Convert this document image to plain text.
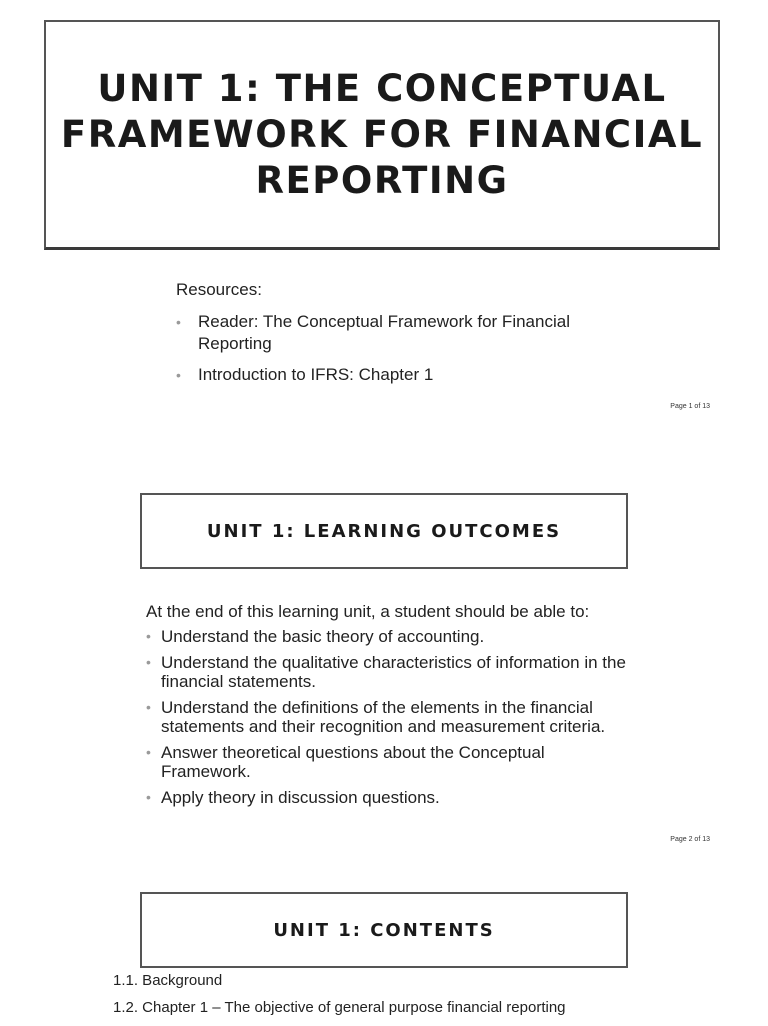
UNIT 1: THE CONCEPTUAL FRAMEWORK FOR FINANCIAL REPORTING

Resources:

• Reader: The Conceptual Framework for Financial Reporting
• Introduction to IFRS: Chapter 1
Page 1 of 13
UNIT 1: LEARNING OUTCOMES

At the end of this learning unit, a student should be able to:

• Understand the basic theory of accounting.
• Understand the qualitative characteristics of information in the financial statements.
• Understand the definitions of the elements in the financial statements and their recognition and measurement criteria.
• Answer theoretical questions about the Conceptual Framework.
• Apply theory in discussion questions.
Page 2 of 13
UNIT 1: CONTENTS
1.1. Background
1.2. Chapter 1 – The objective of general purpose financial reporting
